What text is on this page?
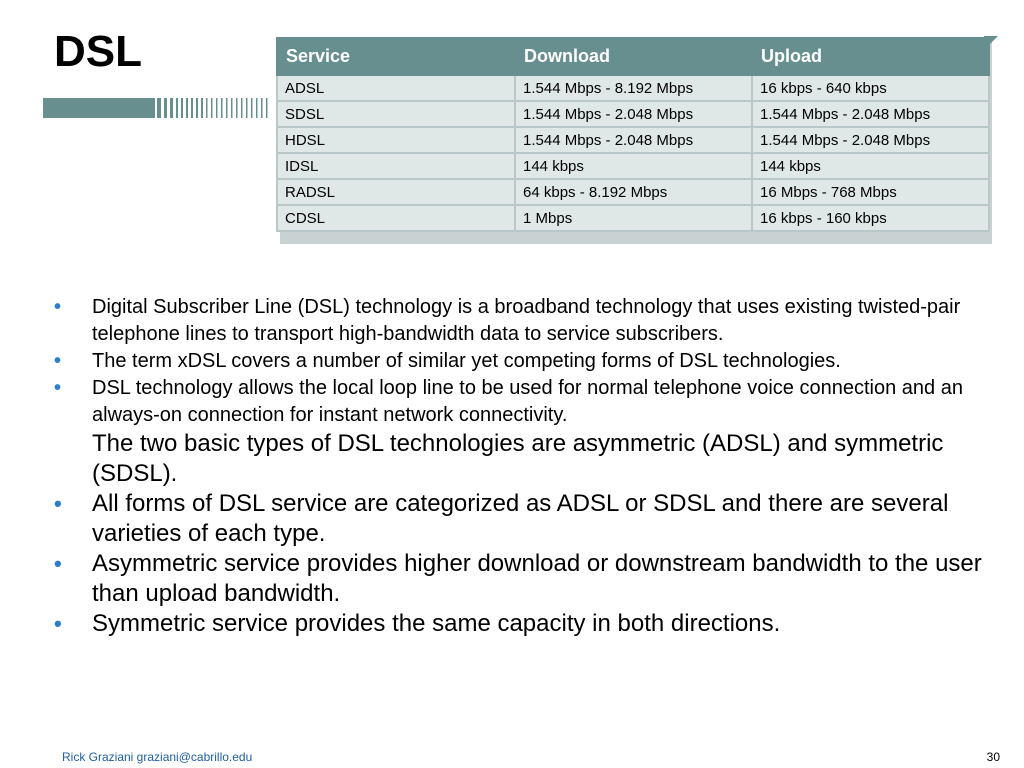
DSL	Service	Download	Upload
ADSL	1.544 Mbps - 8.192 Mbps	16 kbps - 640 kbps
SDSL	1.544 Mbps - 2.048 Mbps	1.544 Mbps - 2.048 Mbps
HDSL	1.544 Mbps - 2.048 Mbps	1.544 Mbps - 2.048 Mbps
IDSL	144 kbps	144 kbps
RADSL	64 kbps - 8.192 Mbps	16 Mbps - 768 Mbps
CDSL	1 Mbps	16 kbps - 160 kbps
• Digital Subscriber Line (DSL) technology is a broadband technology that uses existing twisted-pair telephone lines to transport high-bandwidth data to service subscribers.
• The term xDSL covers a number of similar yet competing forms of DSL technologies.
• DSL technology allows the local loop line to be used for normal telephone voice connection and an always-on connection for instant network connectivity.
The two basic types of DSL technologies are asymmetric (ADSL) and symmetric (SDSL).
• All forms of DSL service are categorized as ADSL or SDSL and there are several varieties of each type.
• Asymmetric service provides higher download or downstream bandwidth to the user than upload bandwidth.
• Symmetric service provides the same capacity in both directions.
Rick Graziani graziani@cabrillo.edu	30
